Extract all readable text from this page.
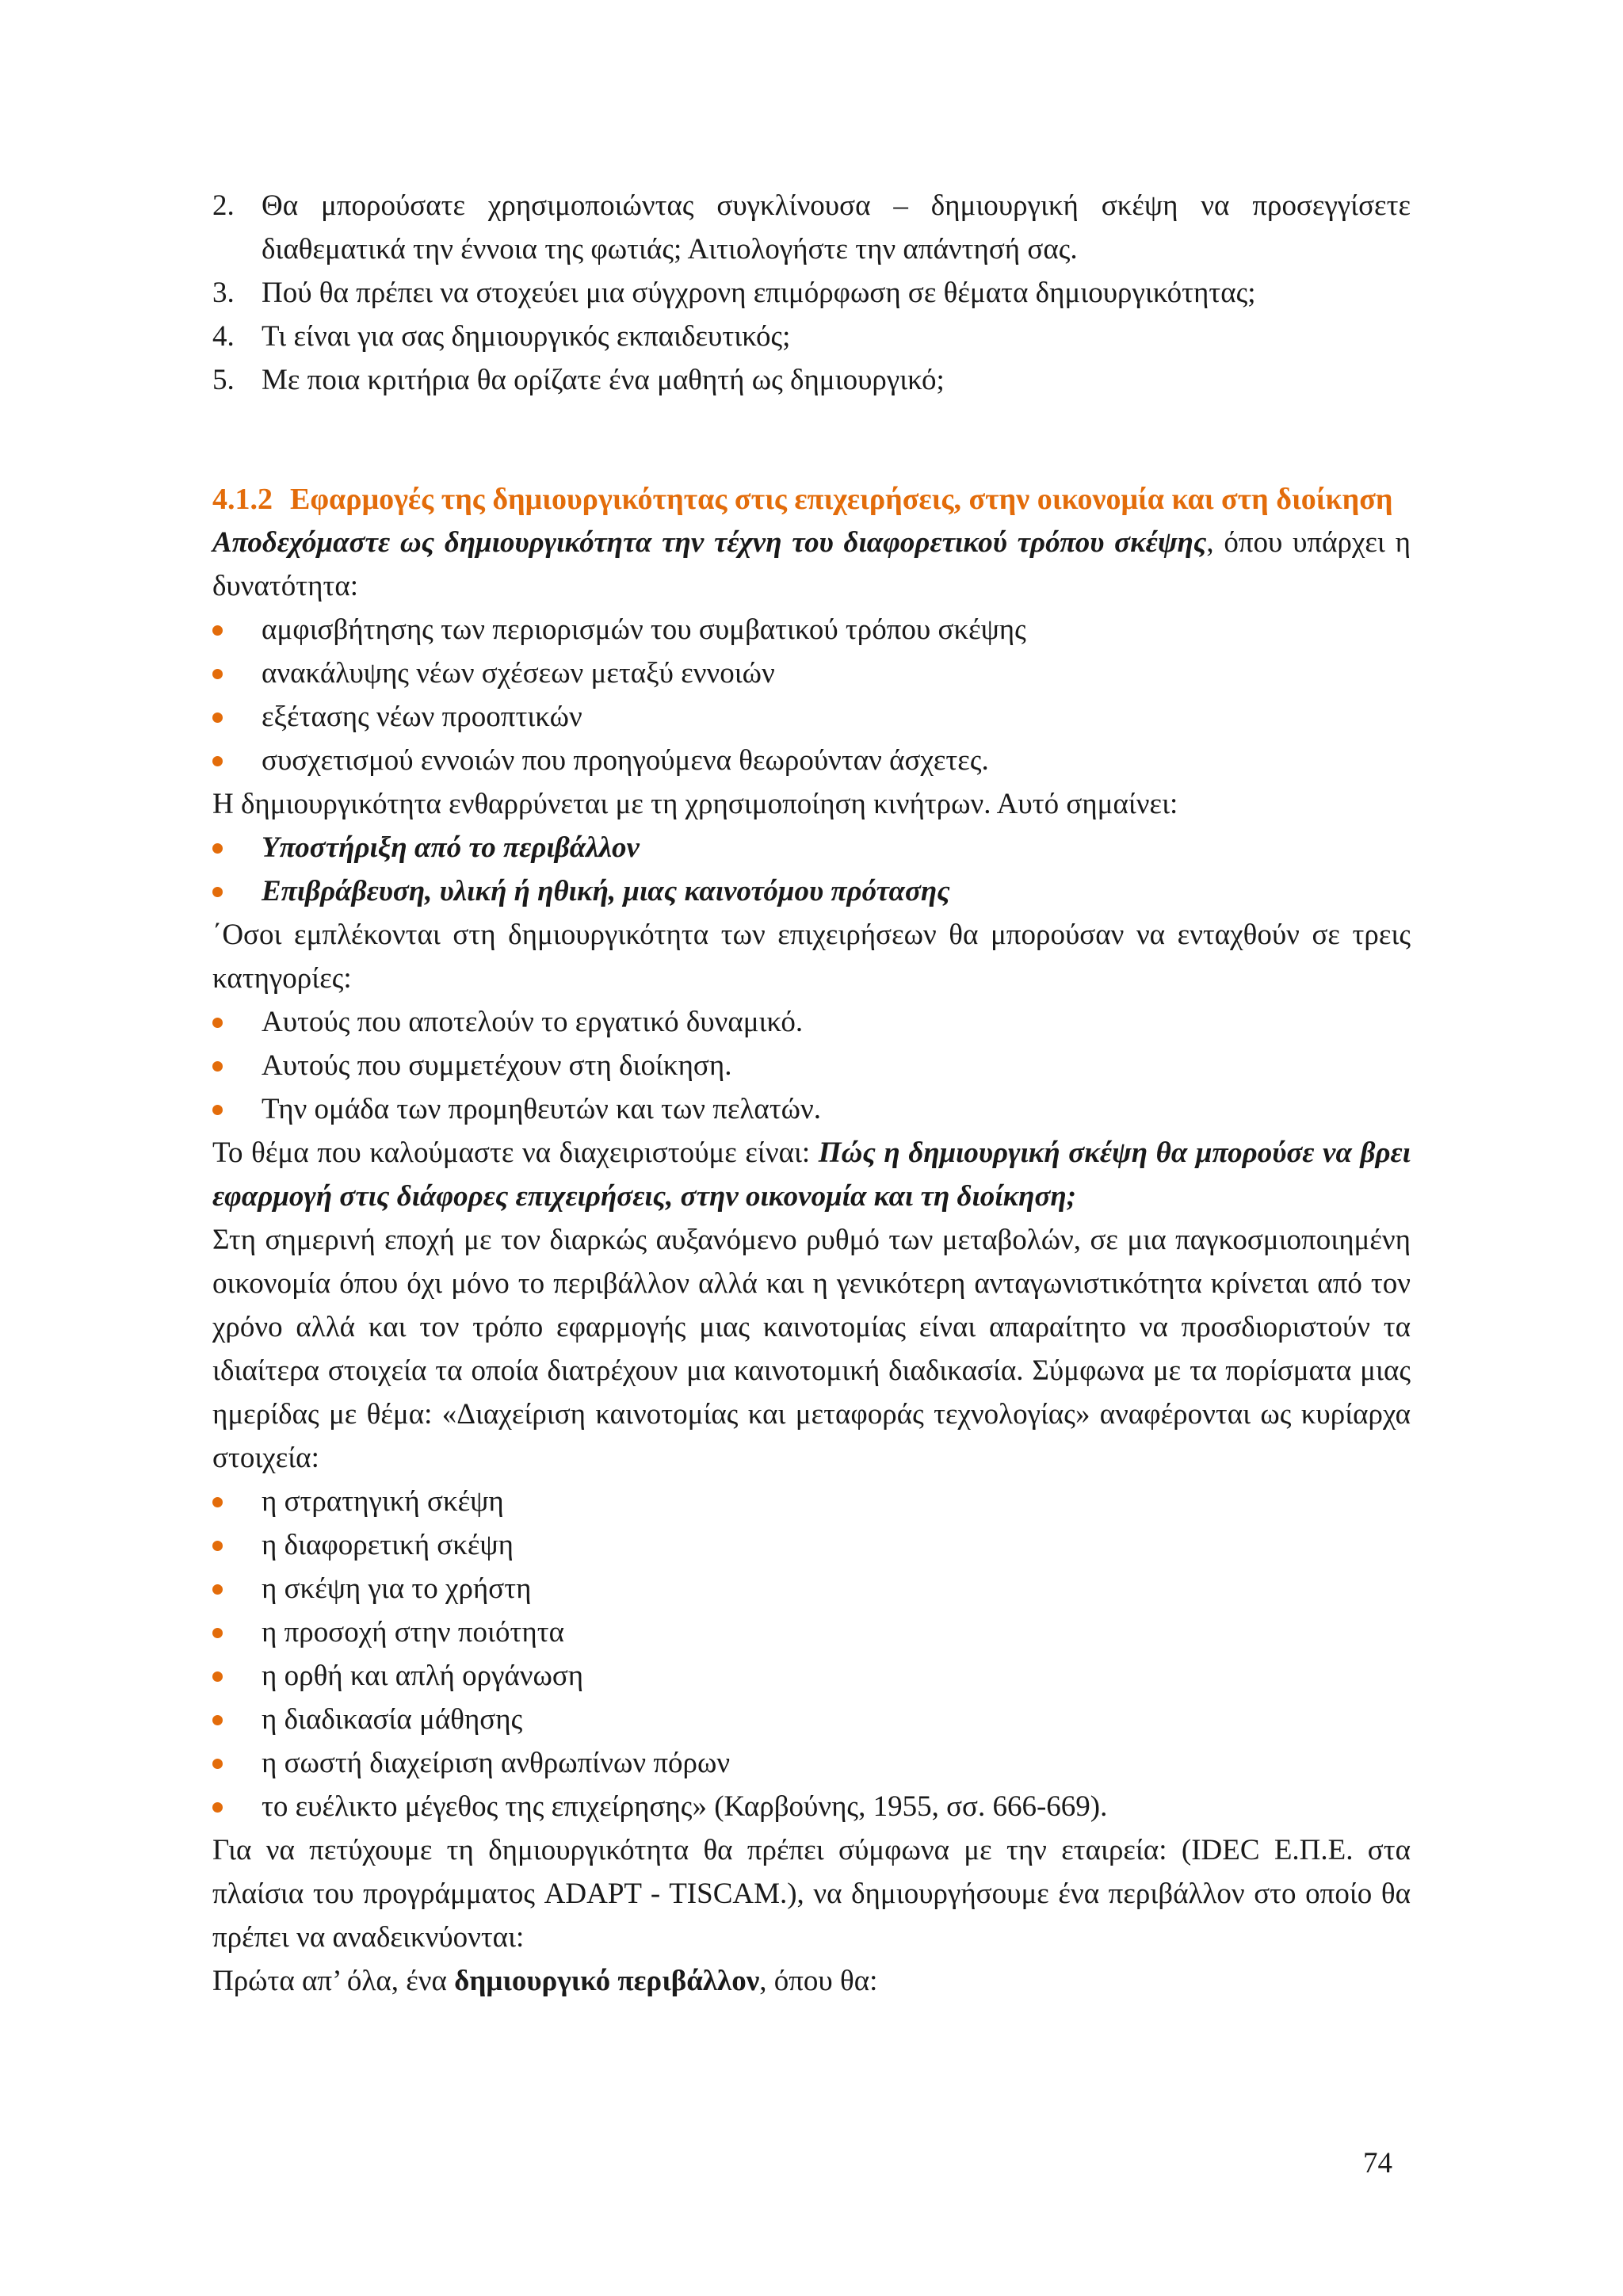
2. Θα μπορούσατε χρησιμοποιώντας συγκλίνουσα – δημιουργική σκέψη να προσεγγίσετε διαθεματικά την έννοια της φωτιάς; Αιτιολογήστε την απάντησή σας.
3. Πού θα πρέπει να στοχεύει μια σύγχρονη επιμόρφωση σε θέματα δημιουργικότητας;
4. Τι είναι για σας δημιουργικός εκπαιδευτικός;
5. Με ποια κριτήρια θα ορίζατε ένα μαθητή ως δημιουργικό;
4.1.2 Εφαρμογές της δημιουργικότητας στις επιχειρήσεις, στην οικονομία και στη διοίκηση

Αποδεχόμαστε ως δημιουργικότητα την τέχνη του διαφορετικού τρόπου σκέψης, όπου υπάρχει η δυνατότητα:

αμφισβήτησης των περιορισμών του συμβατικού τρόπου σκέψης
ανακάλυψης νέων σχέσεων μεταξύ εννοιών
εξέτασης νέων προοπτικών
συσχετισμού εννοιών που προηγούμενα θεωρούνταν άσχετες.

Η δημιουργικότητα ενθαρρύνεται με τη χρησιμοποίηση κινήτρων. Αυτό σημαίνει:

Υποστήριξη από το περιβάλλον
Επιβράβευση, υλική ή ηθική, μιας καινοτόμου πρότασης

΄Οσοι εμπλέκονται στη δημιουργικότητα των επιχειρήσεων θα μπορούσαν να ενταχθούν σε τρεις κατηγορίες:

Αυτούς που αποτελούν το εργατικό δυναμικό.
Αυτούς που συμμετέχουν στη διοίκηση.
Την ομάδα των προμηθευτών και των πελατών.

Το θέμα που καλούμαστε να διαχειριστούμε είναι: Πώς η δημιουργική σκέψη θα μπορούσε να βρει εφαρμογή στις διάφορες επιχειρήσεις, στην οικονομία και τη διοίκηση;

Στη σημερινή εποχή με τον διαρκώς αυξανόμενο ρυθμό των μεταβολών, σε μια παγκοσμιοποιημένη οικονομία όπου όχι μόνο το περιβάλλον αλλά και η γενικότερη ανταγωνιστικότητα κρίνεται από τον χρόνο αλλά και τον τρόπο εφαρμογής μιας καινοτομίας είναι απαραίτητο να προσδιοριστούν τα ιδιαίτερα στοιχεία τα οποία διατρέχουν μια καινοτομική διαδικασία. Σύμφωνα με τα πορίσματα μιας ημερίδας με θέμα: «Διαχείριση καινοτομίας και μεταφοράς τεχνολογίας» αναφέρονται ως κυρίαρχα στοιχεία:

η στρατηγική σκέψη
η διαφορετική σκέψη
η σκέψη για το χρήστη
η προσοχή στην ποιότητα
η ορθή και απλή οργάνωση
η διαδικασία μάθησης
η σωστή διαχείριση ανθρωπίνων πόρων
το ευέλικτο μέγεθος της επιχείρησης» (Καρβούνης, 1955, σσ. 666-669).

Για να πετύχουμε τη δημιουργικότητα θα πρέπει σύμφωνα με την εταιρεία: (IDEC Ε.Π.Ε. στα πλαίσια του προγράμματος ADAPT - TISCAM.), να δημιουργήσουμε ένα περιβάλλον στο οποίο θα πρέπει να αναδεικνύονται:

Πρώτα απ’ όλα, ένα δημιουργικό περιβάλλον, όπου θα:

74
